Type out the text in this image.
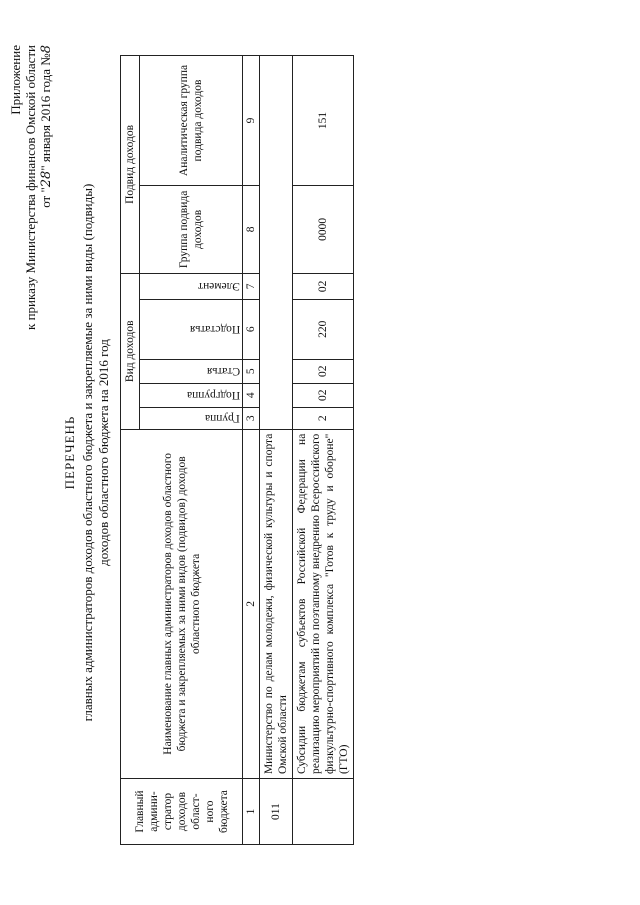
Приложение к приказу Министерства финансов Омской области от "28" января 2016 года №8
ПЕРЕЧЕНЬ главных администраторов доходов областного бюджета и закрепляемые за ними виды (подвиды) доходов областного бюджета на 2016 год
Главный админи- стратор доходов област- ного бюджета	Наименование главных администраторов доходов областного бюджета и закрепляемых за ними видов (подвидов) доходов областного бюджета	Вид доходов					Подвид доходов	

		Группа	Подгруппа	Статья	Подстатья	Элемент	Группа подвида доходов	Аналитическая группа подвида доходов
1	2	3	4	5	6	7	8	9
011	Министерство по делам молодежи, физической культуры и спорта Омской области							
	Субсидии бюджетам субъектов Российской Федерации на реализацию мероприятий по поэтапному внедрению Всероссийского физкультурно-спортивного комплекса "Готов к труду и обороне" (ГТО)	2	02	02	220	02	0000	151
